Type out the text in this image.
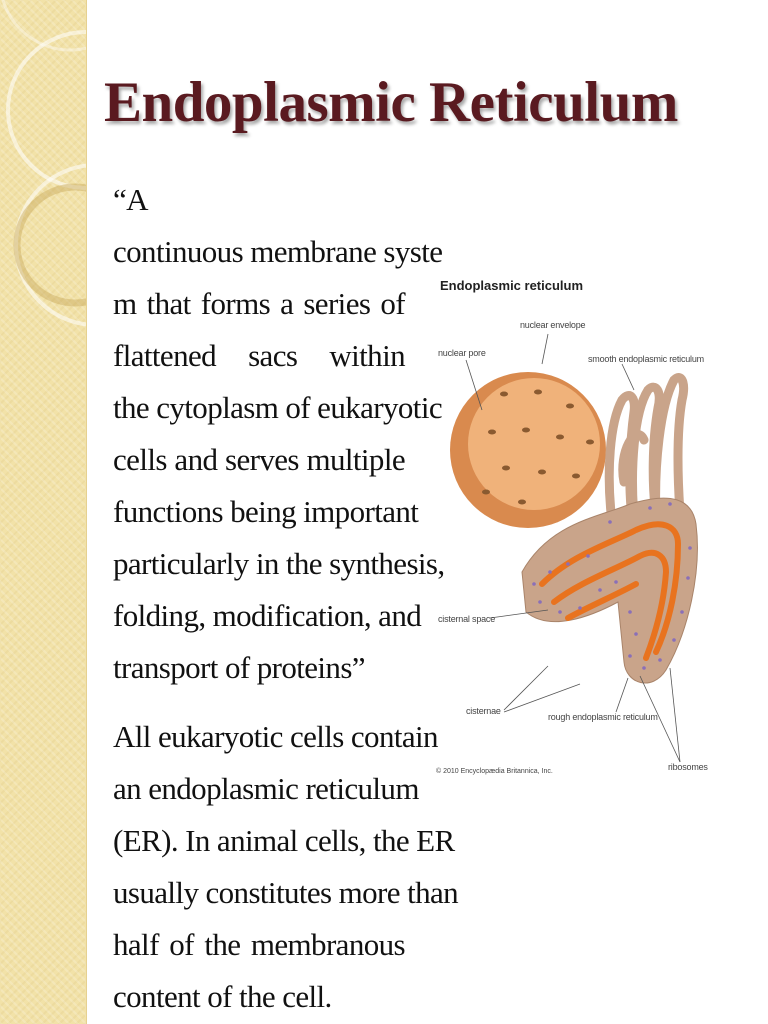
Endoplasmic Reticulum
“A
continuous membrane syste
m that forms a series of
flattened sacs within
the cytoplasm of eukaryotic
cells and serves multiple
functions being important
particularly in the synthesis,
folding, modification, and
transport of proteins”
All eukaryotic cells contain
an endoplasmic reticulum
(ER). In animal cells, the ER
usually constitutes more than
half of the membranous
content of the cell.
Endoplasmic reticulum
nuclear envelope
nuclear pore
smooth endoplasmic reticulum
cisternal space
cisternae
rough endoplasmic reticulum
ribosomes
© 2010 Encyclopædia Britannica, Inc.
